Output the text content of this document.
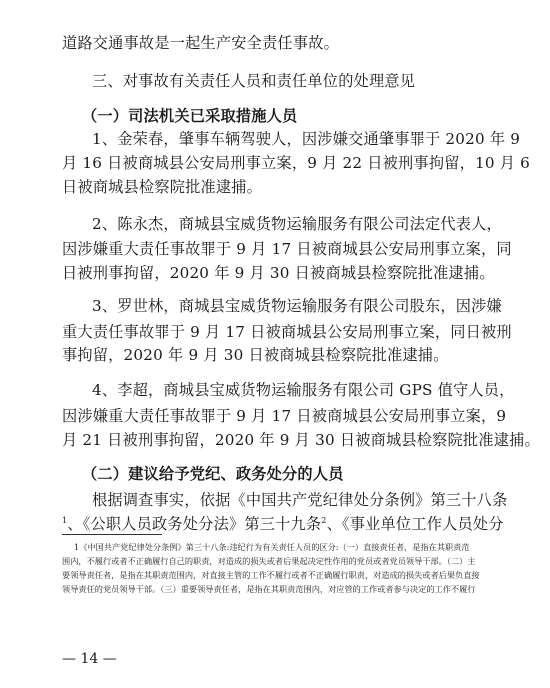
道路交通事故是一起生产安全责任事故。
三、对事故有关责任人员和责任单位的处理意见
（一）司法机关已采取措施人员
1、金荣春，肇事车辆驾驶人，因涉嫌交通肇事罪于 2020 年 9
月 16 日被商城县公安局刑事立案，9 月 22 日被刑事拘留，10 月 6
日被商城县检察院批准逮捕。
2、陈永杰，商城县宝威货物运输服务有限公司法定代表人，
因涉嫌重大责任事故罪于 9 月 17 日被商城县公安局刑事立案，同
日被刑事拘留，2020 年 9 月 30 日被商城县检察院批准逮捕。
3、罗世林，商城县宝威货物运输服务有限公司股东，因涉嫌
重大责任事故罪于 9 月 17 日被商城县公安局刑事立案，同日被刑
事拘留，2020 年 9 月 30 日被商城县检察院批准逮捕。
4、李超，商城县宝威货物运输服务有限公司 GPS 值守人员，
因涉嫌重大责任事故罪于 9 月 17 日被商城县公安局刑事立案，9
月 21 日被刑事拘留，2020 年 9 月 30 日被商城县检察院批准逮捕。
（二）建议给予党纪、政务处分的人员
根据调查事实，依据《中国共产党纪律处分条例》第三十八条
$^1$、《公职人员政务处分法》第三十九条$^2$、《事业单位工作人员处分
1《中国共产党纪律处分条例》第三十八条:违纪行为有关责任人员的区分:（一）直接责任者，是指在其职责范
围内，不履行或者不正确履行自己的职责，对造成的损失或者后果起决定性作用的党员或者党员领导干部。（二）主
要领导责任者，是指在其职责范围内，对直接主管的工作不履行或者不正确履行职责，对造成的损失或者后果负直接
领导责任的党员领导干部。（三）重要领导责任者，是指在其职责范围内，对应管的工作或者参与决定的工作不履行
— 14 —
